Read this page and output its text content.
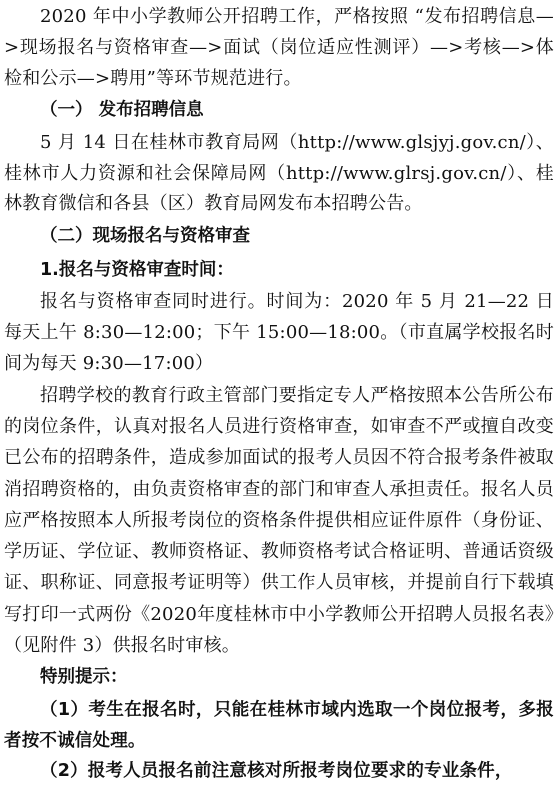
2020 年中小学教师公开招聘工作，严格按照 “发布招聘信息—>现场报名与资格审查—>面试（岗位适应性测评）—>考核—>体检和公示—>聘用”等环节规范进行。

（一） 发布招聘信息

5 月 14 日在桂林市教育局网（http://www.glsjyj.gov.cn/）、桂林市人力资源和社会保障局网（http://www.glrsj.gov.cn/）、桂林教育微信和各县（区）教育局网发布本招聘公告。

（二）现场报名与资格审查

1.报名与资格审查时间：

报名与资格审查同时进行。时间为：2020 年 5 月 21—22 日每天上午 8:30—12:00；下午 15:00—18:00。（市直属学校报名时间为每天 9:30—17:00）

招聘学校的教育行政主管部门要指定专人严格按照本公告所公布的岗位条件，认真对报名人员进行资格审查，如审查不严或擅自改变已公布的招聘条件，造成参加面试的报考人员因不符合报考条件被取消招聘资格的，由负责资格审查的部门和审查人承担责任。报名人员应严格按照本人所报考岗位的资格条件提供相应证件原件（身份证、学历证、学位证、教师资格证、教师资格考试合格证明、普通话资级证、职称证、同意报考证明等）供工作人员审核，并提前自行下载填写打印一式两份《2020年度桂林市中小学教师公开招聘人员报名表》（见附件 3）供报名时审核。

特别提示：

（1）考生在报名时，只能在桂林市域内选取一个岗位报考，多报者按不诚信处理。

（2）报考人员报名前注意核对所报考岗位要求的专业条件，
